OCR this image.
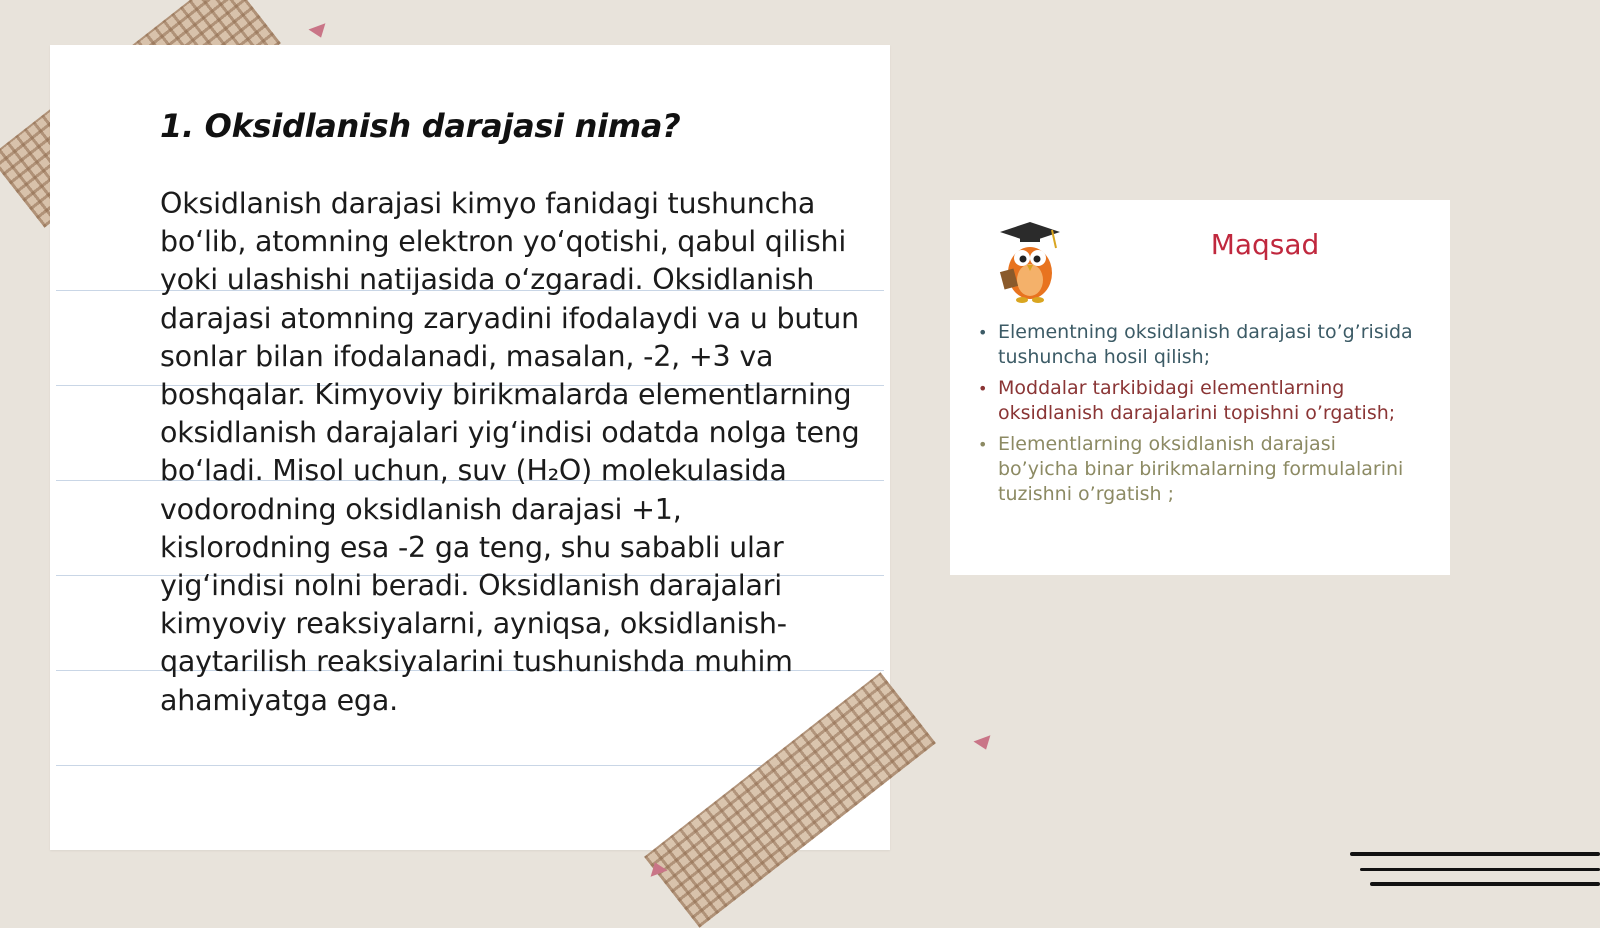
1. Oksidlanish darajasi nima?

Oksidlanish darajasi kimyo fanidagi tushuncha bo‘lib, atomning elektron yo‘qotishi, qabul qilishi yoki ulashishi natijasida o‘zgaradi. Oksidlanish darajasi atomning zaryadini ifodalaydi va u butun sonlar bilan ifodalanadi, masalan, -2, +3 va boshqalar. Kimyoviy birikmalarda elementlarning oksidlanish darajalari yig‘indisi odatda nolga teng bo‘ladi. Misol uchun, suv (H₂O) molekulasida vodorodning oksidlanish darajasi +1, kislorodning esa -2 ga teng, shu sababli ular yig‘indisi nolni beradi. Oksidlanish darajalari kimyoviy reaksiyalarni, ayniqsa, oksidlanish-qaytarilish reaksiyalarini tushunishda muhim ahamiyatga ega.

Maqsad
• Elementning oksidlanish darajasi to’g’risida tushuncha hosil qilish;
• Moddalar tarkibidagi elementlarning oksidlanish darajalarini topishni o’rgatish;
• Elementlarning oksidlanish darajasi bo’yicha binar birikmalarning formulalarini tuzishni o’rgatish ;
